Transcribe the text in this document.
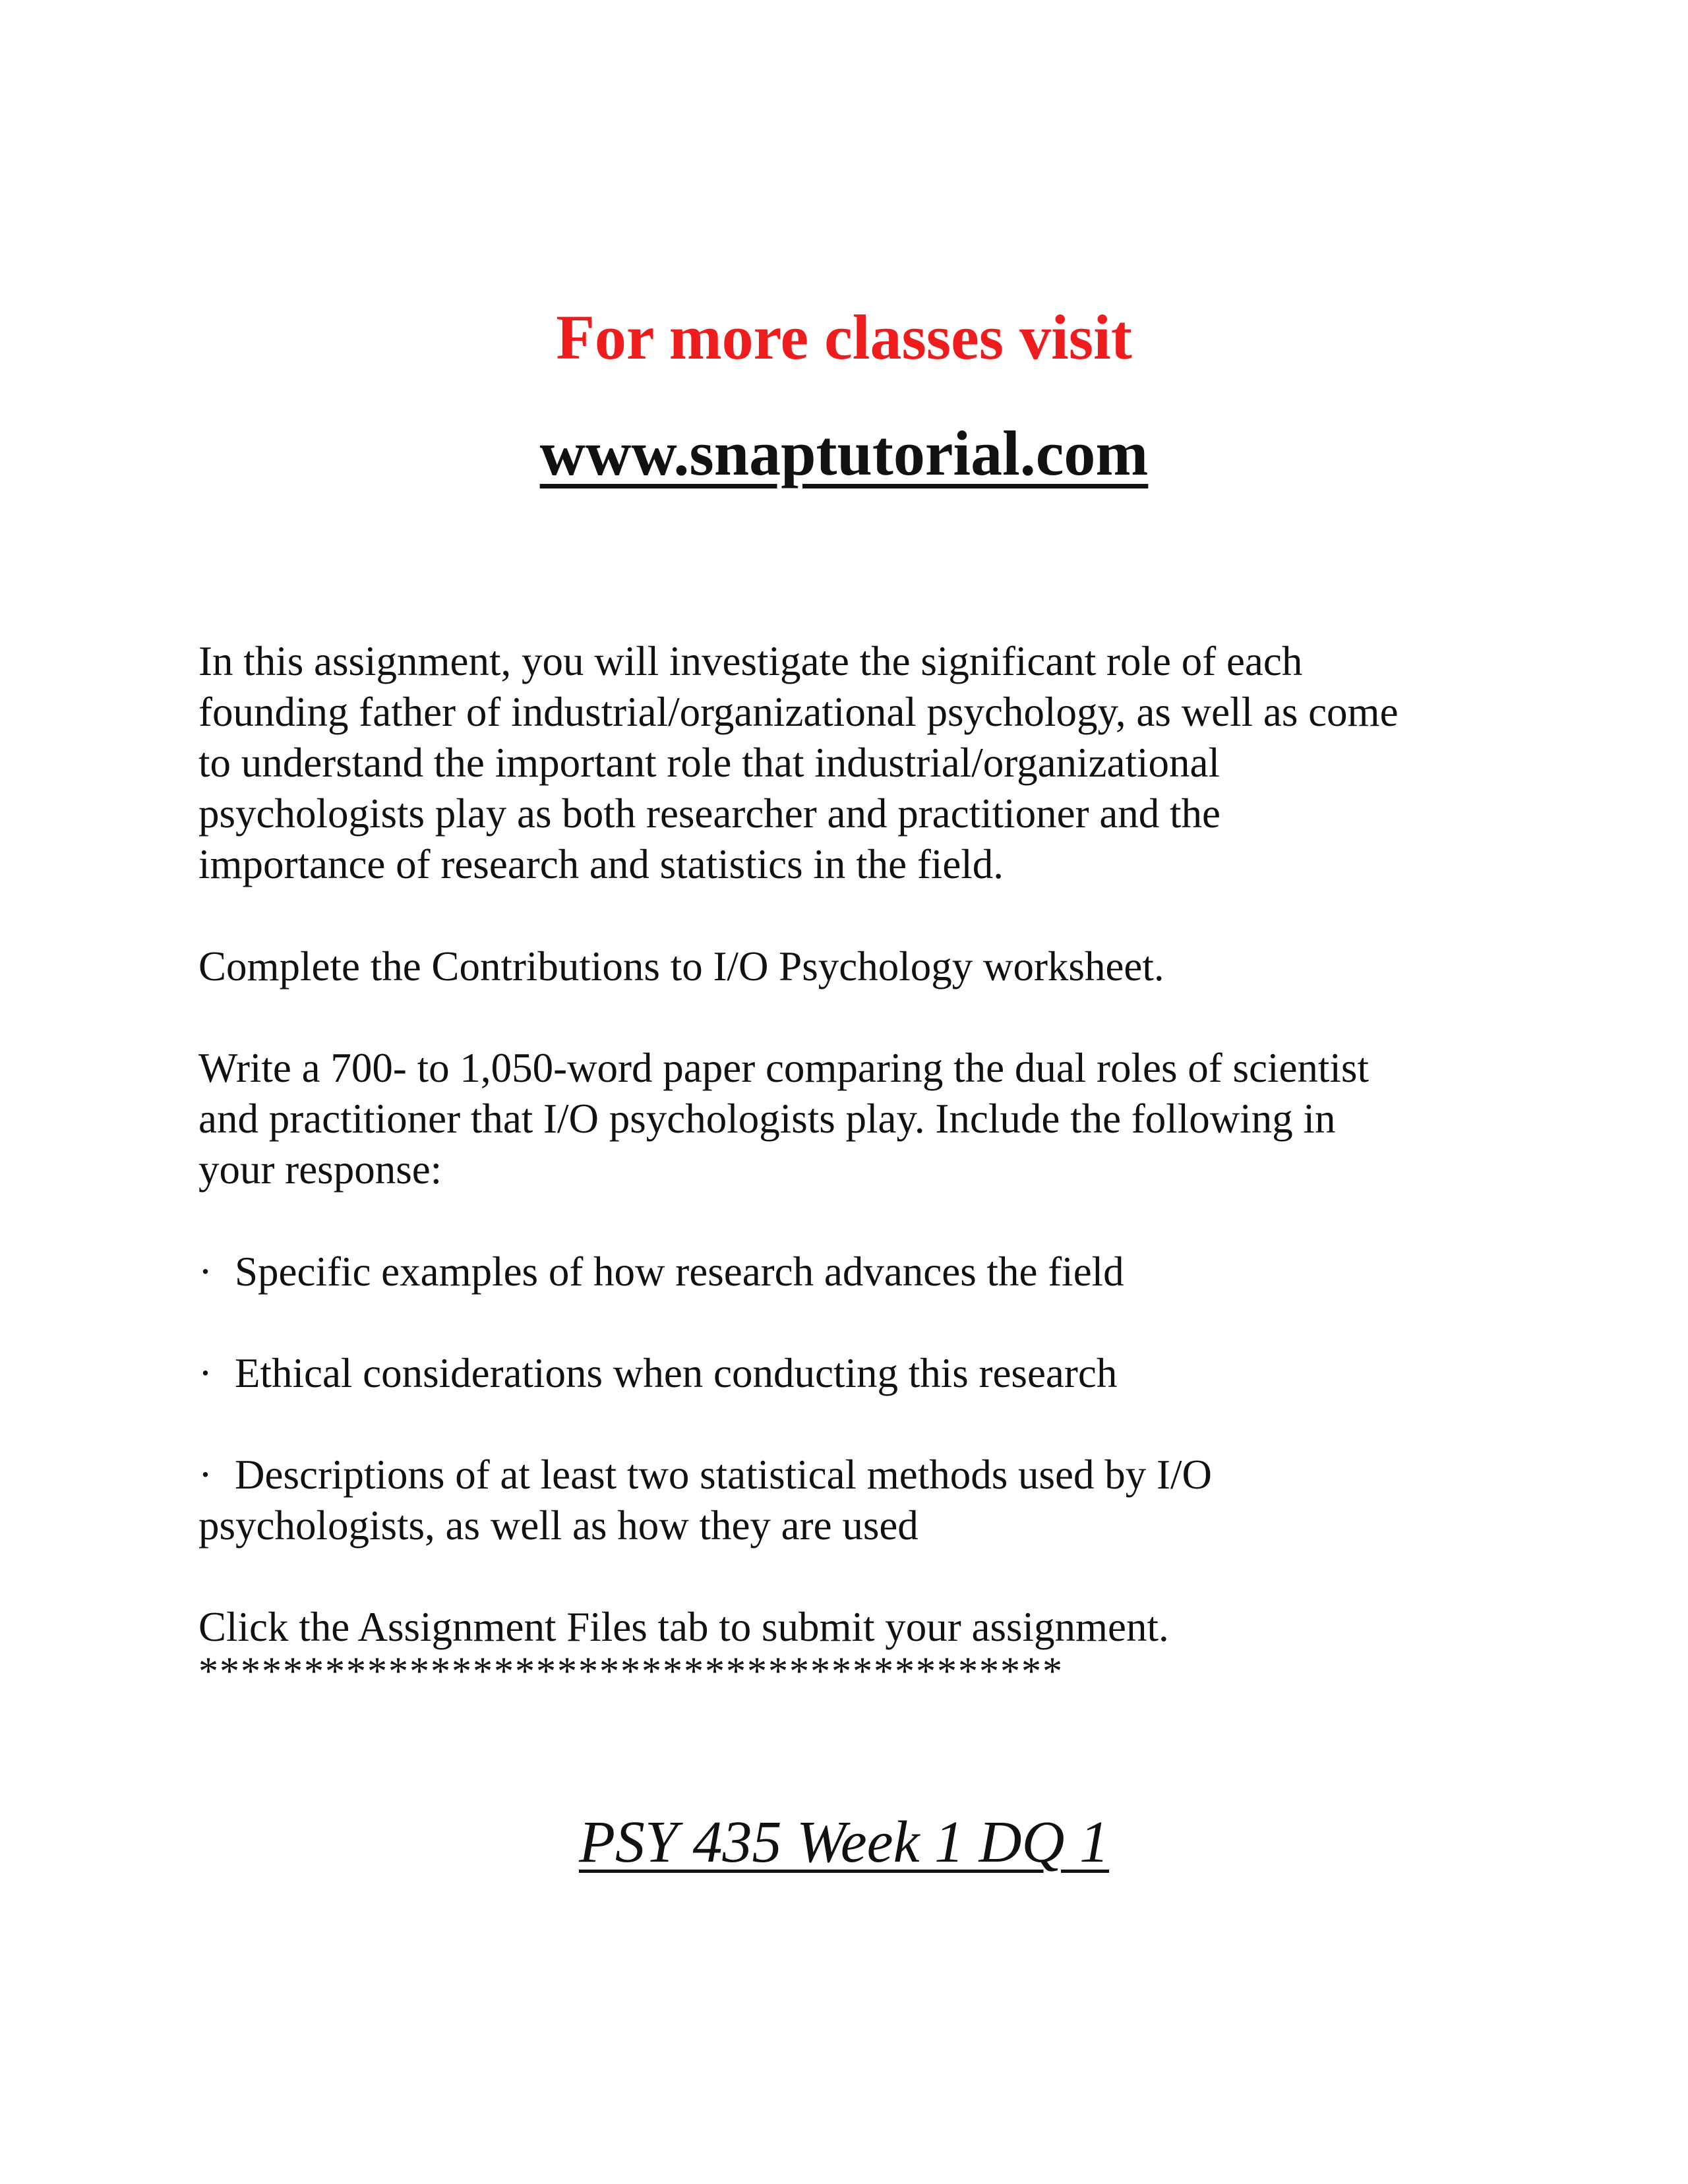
For more classes visit
www.snaptutorial.com
In this assignment, you will investigate the significant role of each
founding father of industrial/organizational psychology, as well as come
to understand the important role that industrial/organizational
psychologists play as both researcher and practitioner and the
importance of research and statistics in the field.
Complete the Contributions to I/O Psychology worksheet.
Write a 700- to 1,050-word paper comparing the dual roles of scientist
and practitioner that I/O psychologists play. Include the following in
your response:
· Specific examples of how research advances the field
· Ethical considerations when conducting this research
· Descriptions of at least two statistical methods used by I/O
psychologists, as well as how they are used
Click the Assignment Files tab to submit your assignment.
*****************************************
PSY 435 Week 1 DQ 1
